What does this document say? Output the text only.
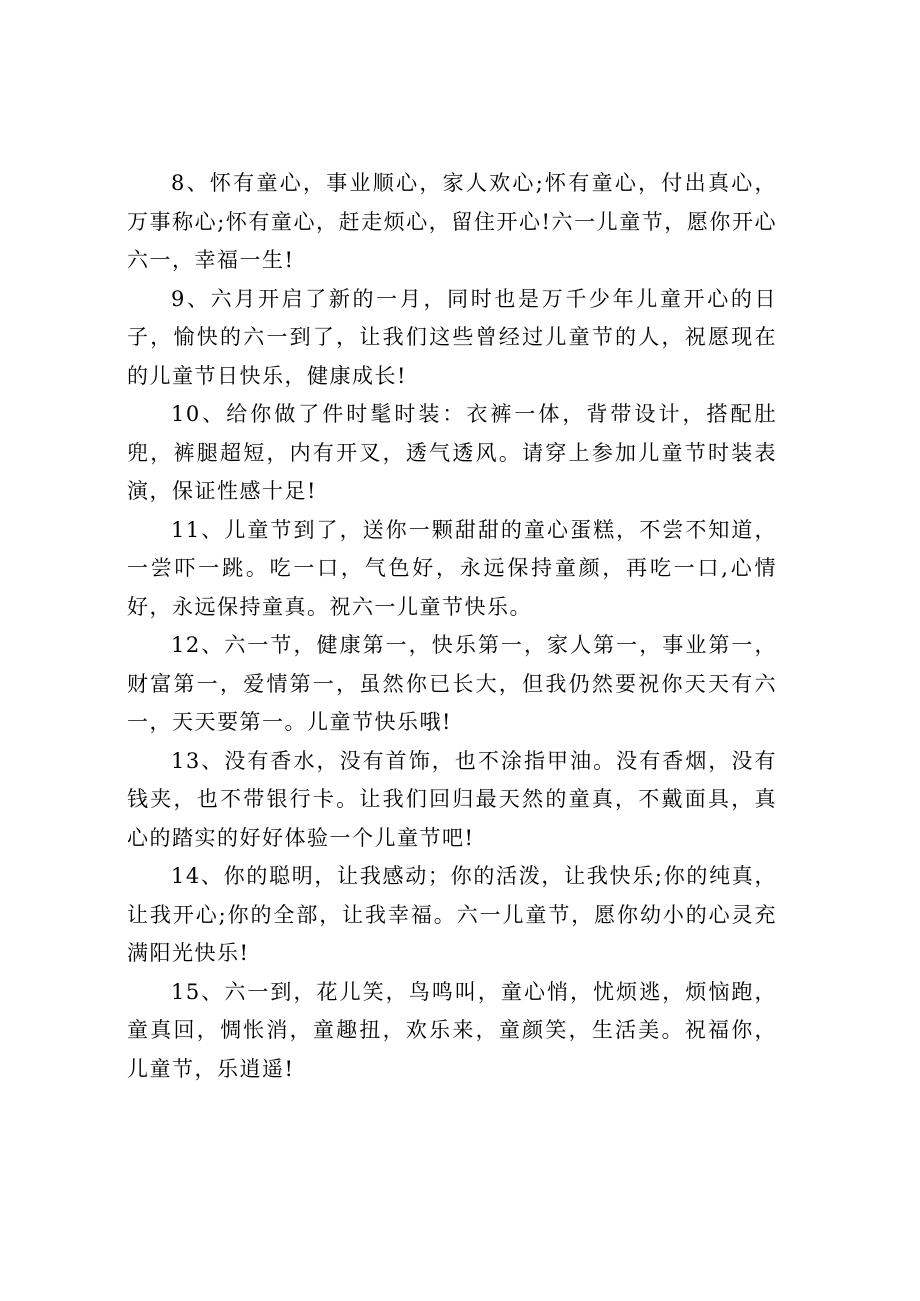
8、怀有童心，事业顺心，家人欢心;怀有童心，付出真心，万事称心;怀有童心，赶走烦心，留住开心!六一儿童节，愿你开心六一，幸福一生!

9、六月开启了新的一月，同时也是万千少年儿童开心的日子，愉快的六一到了，让我们这些曾经过儿童节的人，祝愿现在的儿童节日快乐，健康成长!

10、给你做了件时髦时装：衣裤一体，背带设计，搭配肚兜，裤腿超短，内有开叉，透气透风。请穿上参加儿童节时装表演，保证性感十足!

11、儿童节到了，送你一颗甜甜的童心蛋糕，不尝不知道，一尝吓一跳。吃一口，气色好，永远保持童颜，再吃一口,心情好，永远保持童真。祝六一儿童节快乐。

12、六一节，健康第一，快乐第一，家人第一，事业第一，财富第一，爱情第一，虽然你已长大，但我仍然要祝你天天有六一，天天要第一。儿童节快乐哦!

13、没有香水，没有首饰，也不涂指甲油。没有香烟，没有钱夹，也不带银行卡。让我们回归最天然的童真，不戴面具，真心的踏实的好好体验一个儿童节吧!

14、你的聪明，让我感动；你的活泼，让我快乐;你的纯真，让我开心;你的全部，让我幸福。六一儿童节，愿你幼小的心灵充满阳光快乐!

15、六一到，花儿笑，鸟鸣叫，童心悄，忧烦逃，烦恼跑，童真回，惆怅消，童趣扭，欢乐来，童颜笑，生活美。祝福你，儿童节，乐逍遥!
